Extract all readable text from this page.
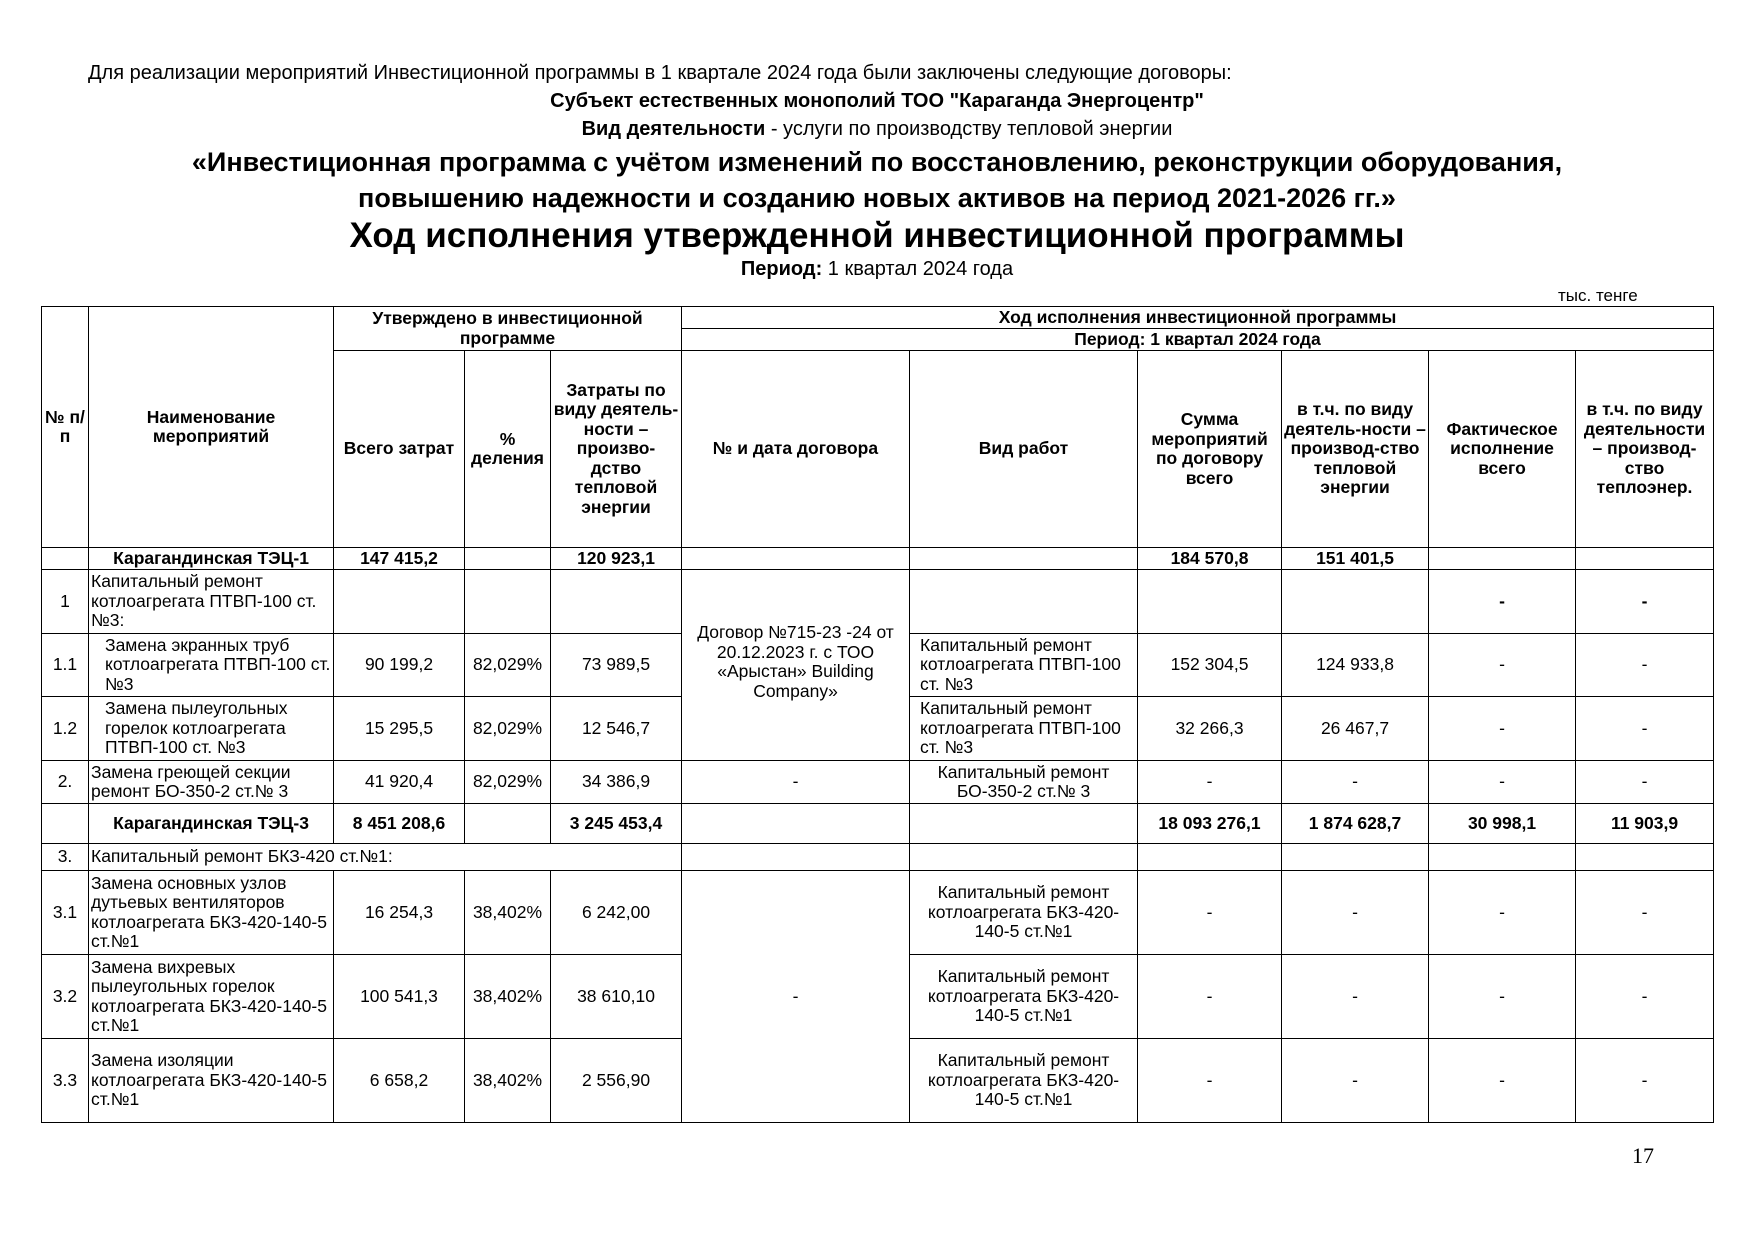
Для реализации мероприятий Инвестиционной программы в 1 квартале 2024 года были заключены следующие договоры:
Субъект естественных монополий ТОО "Караганда Энергоцентр"
Вид деятельности - услуги по производству тепловой энергии
«Инвестиционная программа с учётом изменений по восстановлению, реконструкции оборудования,
повышению надежности и созданию новых активов на период 2021-2026 гг.»
Ход исполнения утвержденной инвестиционной программы
Период: 1 квартал 2024 года
тыс. тенге
№ п/п	Наименование мероприятий	Утверждено в инвестиционной программе			Ход исполнения инвестиционной программы					
					Период: 1 квартал 2024 года					
		Всего затрат	% деления	Затраты по виду деятель-ности – произво-дство тепловой энергии	№ и дата договора	Вид работ	Сумма мероприятий по договору всего	в т.ч. по виду деятель-ности – производ-ство тепловой энергии	Фактическое исполнение всего	в т.ч. по виду деятельности – производ-ство теплоэнер.
	Карагандинская ТЭЦ-1	147 415,2		120 923,1			184 570,8	151 401,5		
1	Капитальный ремонт котлоагрегата ПТВП-100 ст.№3:				Договор №715-23 -24 от 20.12.2023 г. с ТОО «Арыстан» Building Company»				-	-
1.1	Замена экранных труб котлоагрегата ПТВП-100 ст. №3	90 199,2	82,029%	73 989,5		Капитальный ремонт котлоагрегата ПТВП-100 ст. №3	152 304,5	124 933,8	-	-
1.2	Замена пылеугольных горелок котлоагрегата ПТВП-100 ст. №3	15 295,5	82,029%	12 546,7		Капитальный ремонт котлоагрегата ПТВП-100 ст. №3	32 266,3	26 467,7	-	-
2.	Замена греющей секции ремонт БО-350-2 ст.№ 3	41 920,4	82,029%	34 386,9	-	Капитальный ремонт БО-350-2 ст.№ 3	-	-	-	-
	Карагандинская ТЭЦ-3	8 451 208,6		3 245 453,4			18 093 276,1	1 874 628,7	30 998,1	11 903,9
3.	Капитальный ремонт БКЗ-420 ст.№1:									
3.1	Замена основных узлов дутьевых вентиляторов котлоагрегата БКЗ-420-140-5 ст.№1	16 254,3	38,402%	6 242,00	-	Капитальный ремонт котлоагрегата БКЗ-420-140-5 ст.№1	-	-	-	-
3.2	Замена вихревых пылеугольных горелок котлоагрегата БКЗ-420-140-5 ст.№1	100 541,3	38,402%	38 610,10		Капитальный ремонт котлоагрегата БКЗ-420-140-5 ст.№1	-	-	-	-
3.3	Замена изоляции котлоагрегата БКЗ-420-140-5 ст.№1	6 658,2	38,402%	2 556,90		Капитальный ремонт котлоагрегата БКЗ-420-140-5 ст.№1	-	-	-	-
17
